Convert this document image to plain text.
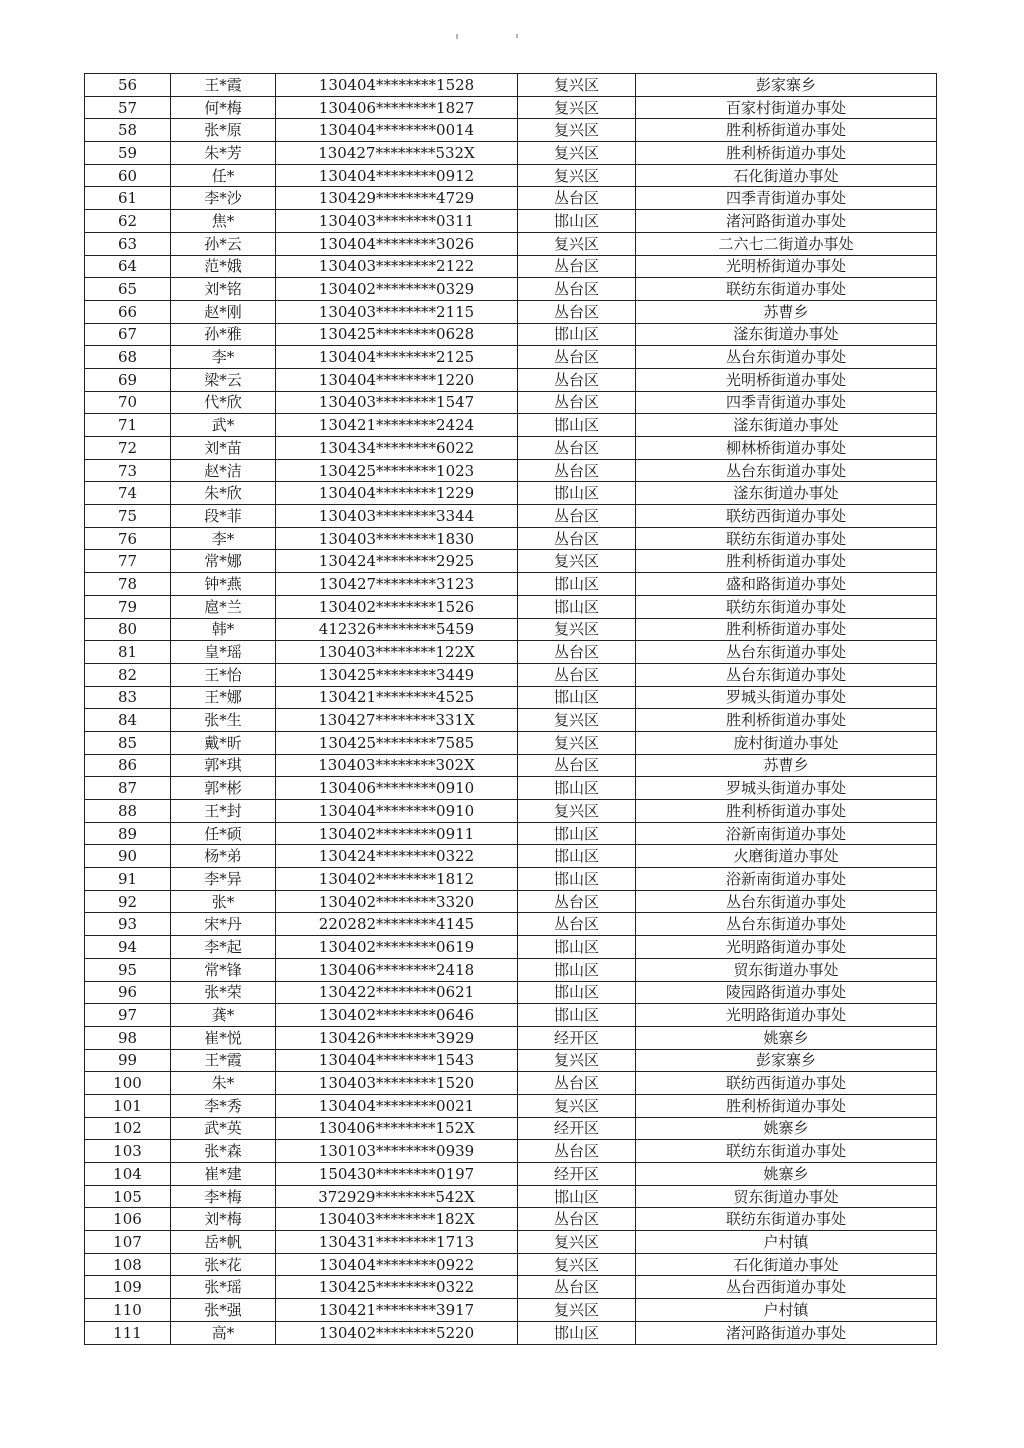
56	王*霞	130404********1528	复兴区	彭家寨乡
57	何*梅	130406********1827	复兴区	百家村街道办事处
58	张*原	130404********0014	复兴区	胜利桥街道办事处
59	朱*芳	130427********532X	复兴区	胜利桥街道办事处
60	任*	130404********0912	复兴区	石化街道办事处
61	李*沙	130429********4729	丛台区	四季青街道办事处
62	焦*	130403********0311	邯山区	渚河路街道办事处
63	孙*云	130404********3026	复兴区	二六七二街道办事处
64	范*娥	130403********2122	丛台区	光明桥街道办事处
65	刘*铭	130402********0329	丛台区	联纺东街道办事处
66	赵*刚	130403********2115	丛台区	苏曹乡
67	孙*雅	130425********0628	邯山区	滏东街道办事处
68	李*	130404********2125	丛台区	丛台东街道办事处
69	梁*云	130404********1220	丛台区	光明桥街道办事处
70	代*欣	130403********1547	丛台区	四季青街道办事处
71	武*	130421********2424	邯山区	滏东街道办事处
72	刘*苗	130434********6022	丛台区	柳林桥街道办事处
73	赵*洁	130425********1023	丛台区	丛台东街道办事处
74	朱*欣	130404********1229	邯山区	滏东街道办事处
75	段*菲	130403********3344	丛台区	联纺西街道办事处
76	李*	130403********1830	丛台区	联纺东街道办事处
77	常*娜	130424********2925	复兴区	胜利桥街道办事处
78	钟*燕	130427********3123	邯山区	盛和路街道办事处
79	扈*兰	130402********1526	邯山区	联纺东街道办事处
80	韩*	412326********5459	复兴区	胜利桥街道办事处
81	皇*瑶	130403********122X	丛台区	丛台东街道办事处
82	王*怡	130425********3449	丛台区	丛台东街道办事处
83	王*娜	130421********4525	邯山区	罗城头街道办事处
84	张*生	130427********331X	复兴区	胜利桥街道办事处
85	戴*昕	130425********7585	复兴区	庞村街道办事处
86	郭*琪	130403********302X	丛台区	苏曹乡
87	郭*彬	130406********0910	邯山区	罗城头街道办事处
88	王*封	130404********0910	复兴区	胜利桥街道办事处
89	任*硕	130402********0911	邯山区	浴新南街道办事处
90	杨*弟	130424********0322	邯山区	火磨街道办事处
91	李*异	130402********1812	邯山区	浴新南街道办事处
92	张*	130402********3320	丛台区	丛台东街道办事处
93	宋*丹	220282********4145	丛台区	丛台东街道办事处
94	李*起	130402********0619	邯山区	光明路街道办事处
95	常*锋	130406********2418	邯山区	贸东街道办事处
96	张*荣	130422********0621	邯山区	陵园路街道办事处
97	龚*	130402********0646	邯山区	光明路街道办事处
98	崔*悦	130426********3929	经开区	姚寨乡
99	王*霞	130404********1543	复兴区	彭家寨乡
100	朱*	130403********1520	丛台区	联纺西街道办事处
101	李*秀	130404********0021	复兴区	胜利桥街道办事处
102	武*英	130406********152X	经开区	姚寨乡
103	张*森	130103********0939	丛台区	联纺东街道办事处
104	崔*建	150430********0197	经开区	姚寨乡
105	李*梅	372929********542X	邯山区	贸东街道办事处
106	刘*梅	130403********182X	丛台区	联纺东街道办事处
107	岳*帆	130431********1713	复兴区	户村镇
108	张*花	130404********0922	复兴区	石化街道办事处
109	张*瑶	130425********0322	丛台区	丛台西街道办事处
110	张*强	130421********3917	复兴区	户村镇
111	高*	130402********5220	邯山区	渚河路街道办事处
